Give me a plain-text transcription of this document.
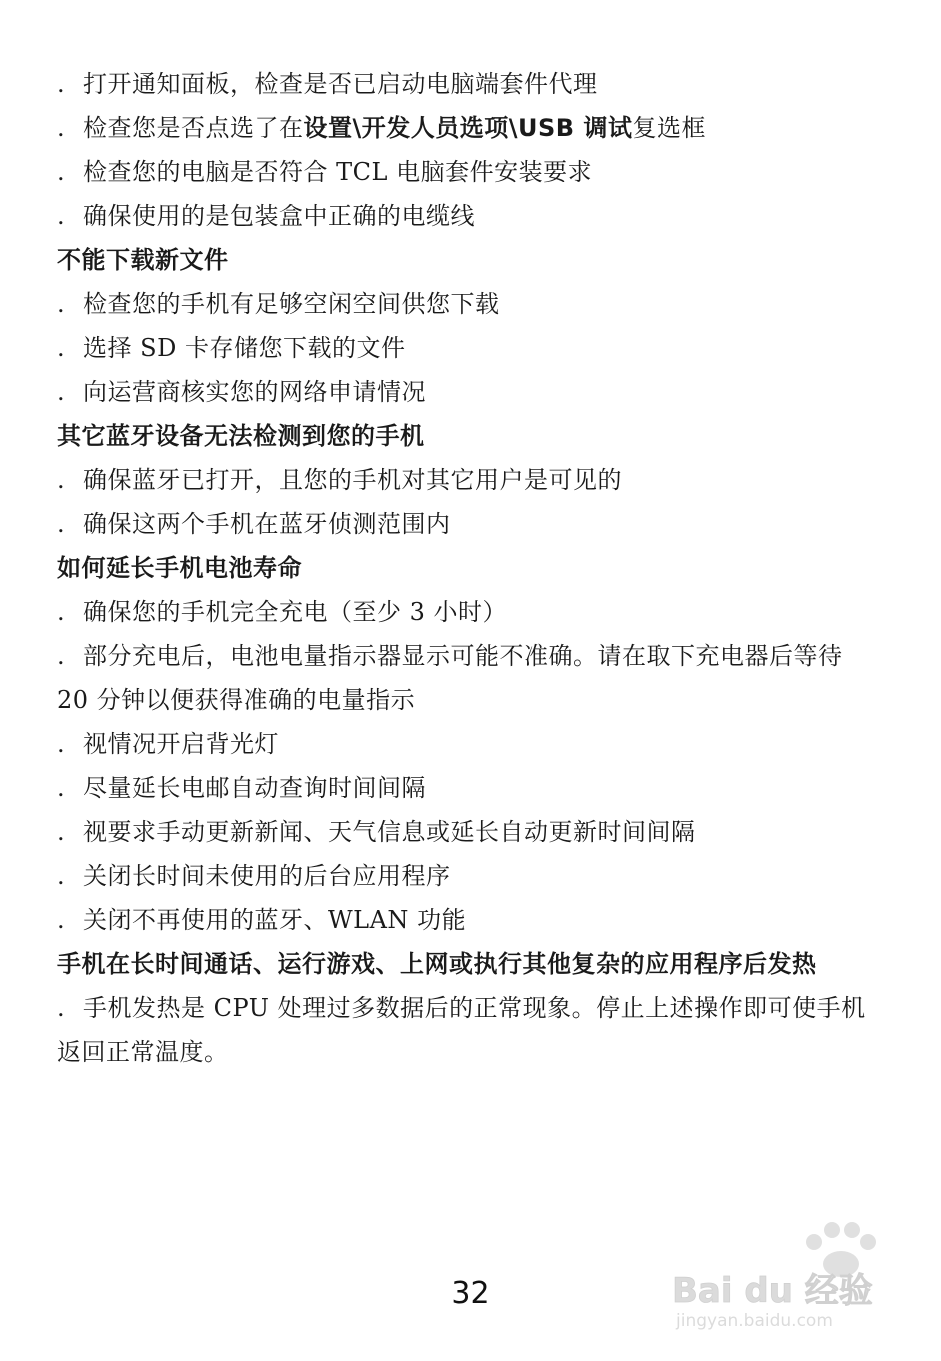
. 打开通知面板，检查是否已启动电脑端套件代理
. 检查您是否点选了在设置\开发人员选项\USB 调试复选框
. 检查您的电脑是否符合 TCL 电脑套件安装要求
. 确保使用的是包装盒中正确的电缆线
不能下载新文件
. 检查您的手机有足够空闲空间供您下载
. 选择 SD 卡存储您下载的文件
. 向运营商核实您的网络申请情况
其它蓝牙设备无法检测到您的手机
. 确保蓝牙已打开，且您的手机对其它用户是可见的
. 确保这两个手机在蓝牙侦测范围内
如何延长手机电池寿命
. 确保您的手机完全充电（至少 3 小时）
. 部分充电后，电池电量指示器显示可能不准确。请在取下充电器后等待
20 分钟以便获得准确的电量指示
. 视情况开启背光灯
. 尽量延长电邮自动查询时间间隔
. 视要求手动更新新闻、天气信息或延长自动更新时间间隔
. 关闭长时间未使用的后台应用程序
. 关闭不再使用的蓝牙、WLAN 功能
手机在长时间通话、运行游戏、上网或执行其他复杂的应用程序后发热
. 手机发热是 CPU 处理过多数据后的正常现象。停止上述操作即可使手机
返回正常温度。
32	Bai du 经验
jingyan.baidu.com
